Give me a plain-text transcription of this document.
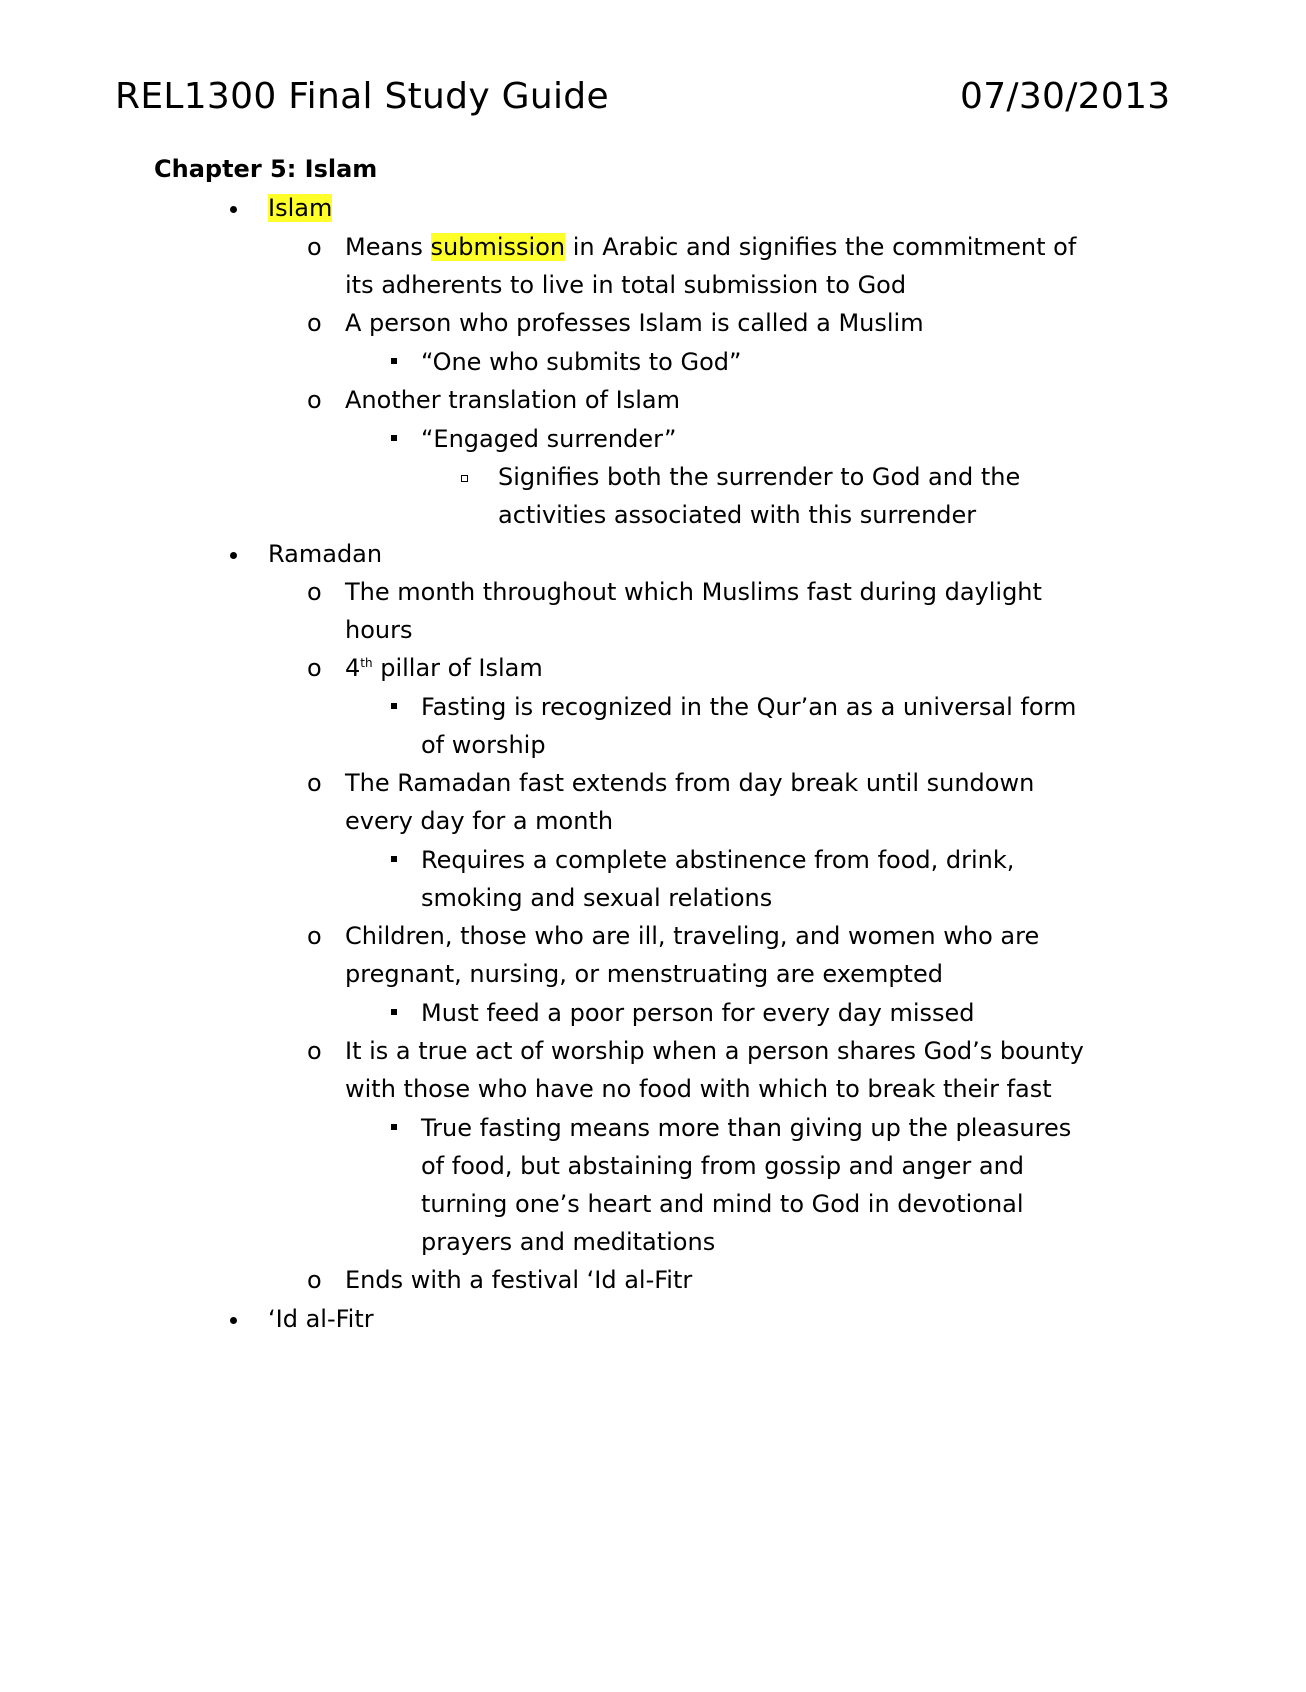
REL1300 Final Study Guide	07/30/2013
Chapter 5: Islam
Islam
o Means submission in Arabic and signifies the commitment of
its adherents to live in total submission to God
o A person who professes Islam is called a Muslim
“One who submits to God”
o Another translation of Islam
“Engaged surrender”
Signifies both the surrender to God and the
activities associated with this surrender
Ramadan
o The month throughout which Muslims fast during daylight
hours
o 4th pillar of Islam
Fasting is recognized in the Qur’an as a universal form
of worship
o The Ramadan fast extends from day break until sundown
every day for a month
Requires a complete abstinence from food, drink,
smoking and sexual relations
o Children, those who are ill, traveling, and women who are
pregnant, nursing, or menstruating are exempted
Must feed a poor person for every day missed
o It is a true act of worship when a person shares God’s bounty
with those who have no food with which to break their fast
True fasting means more than giving up the pleasures
of food, but abstaining from gossip and anger and
turning one’s heart and mind to God in devotional
prayers and meditations
o Ends with a festival ‘Id al-Fitr
‘Id al-Fitr
